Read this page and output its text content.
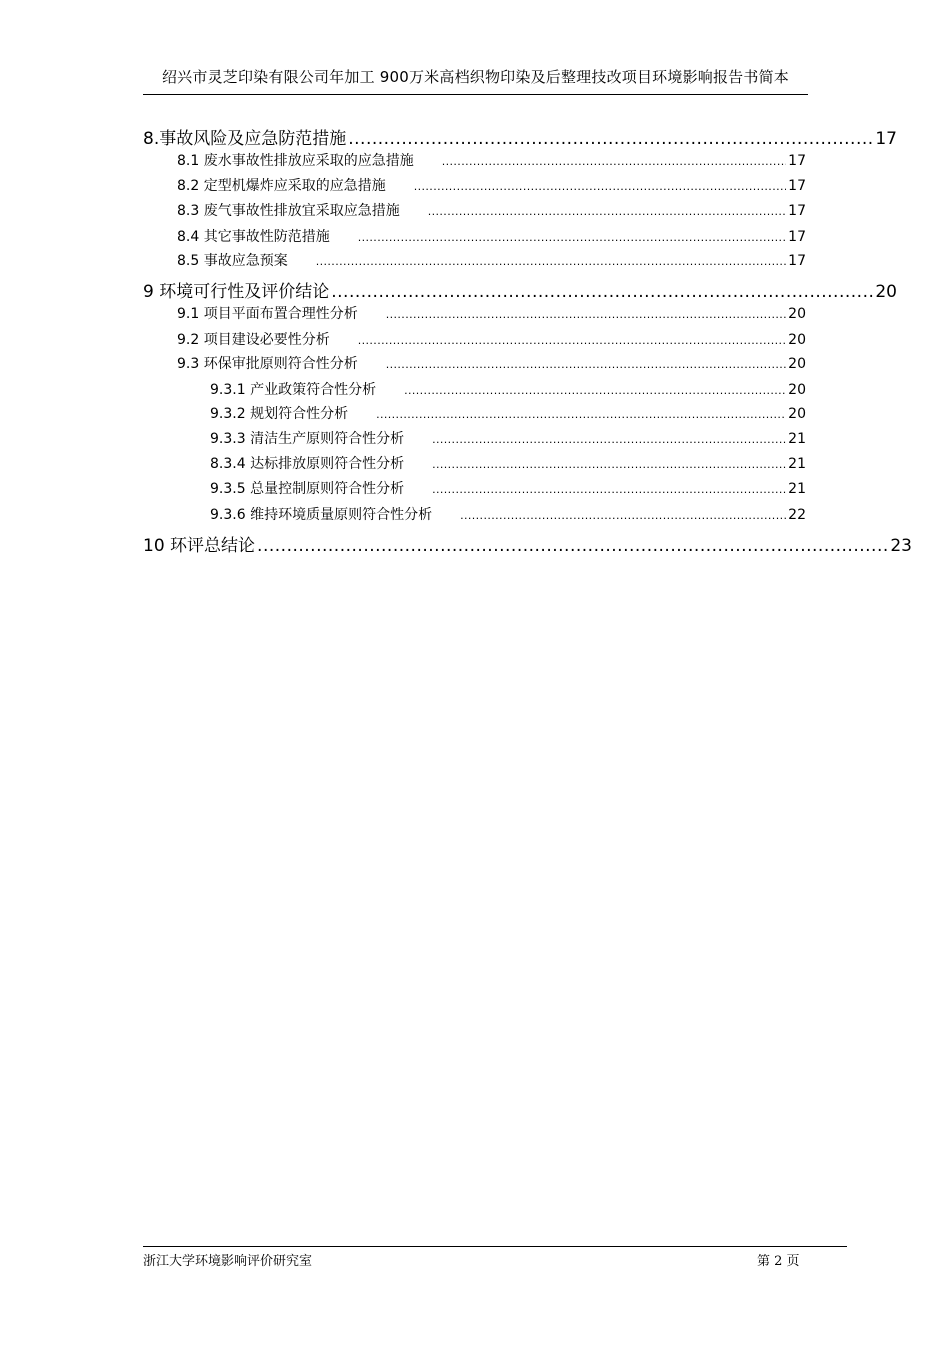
绍兴市灵芝印染有限公司年加工 900万米高档织物印染及后整理技改项目环境影响报告书简本
8.事故风险及应急防范措施 .....	17
8.1 废水事故性排放应采取的应急措施 .....	17
8.2 定型机爆炸应采取的应急措施 .....	17
8.3 废气事故性排放宜采取应急措施 .....	17
8.4 其它事故性防范措施 .....	17
8.5 事故应急预案 .....	17
9 环境可行性及评价结论 .....	20
9.1 项目平面布置合理性分析 .....	20
9.2 项目建设必要性分析 .....	20
9.3 环保审批原则符合性分析 .....	20
9.3.1 产业政策符合性分析 .....	20
9.3.2 规划符合性分析 .....	20
9.3.3 清洁生产原则符合性分析 .....	21
8.3.4 达标排放原则符合性分析 .....	21
9.3.5 总量控制原则符合性分析 .....	21
9.3.6 维持环境质量原则符合性分析 .....	22
10 环评总结论 .....	23
浙江大学环境影响评价研究室	第 2 页
